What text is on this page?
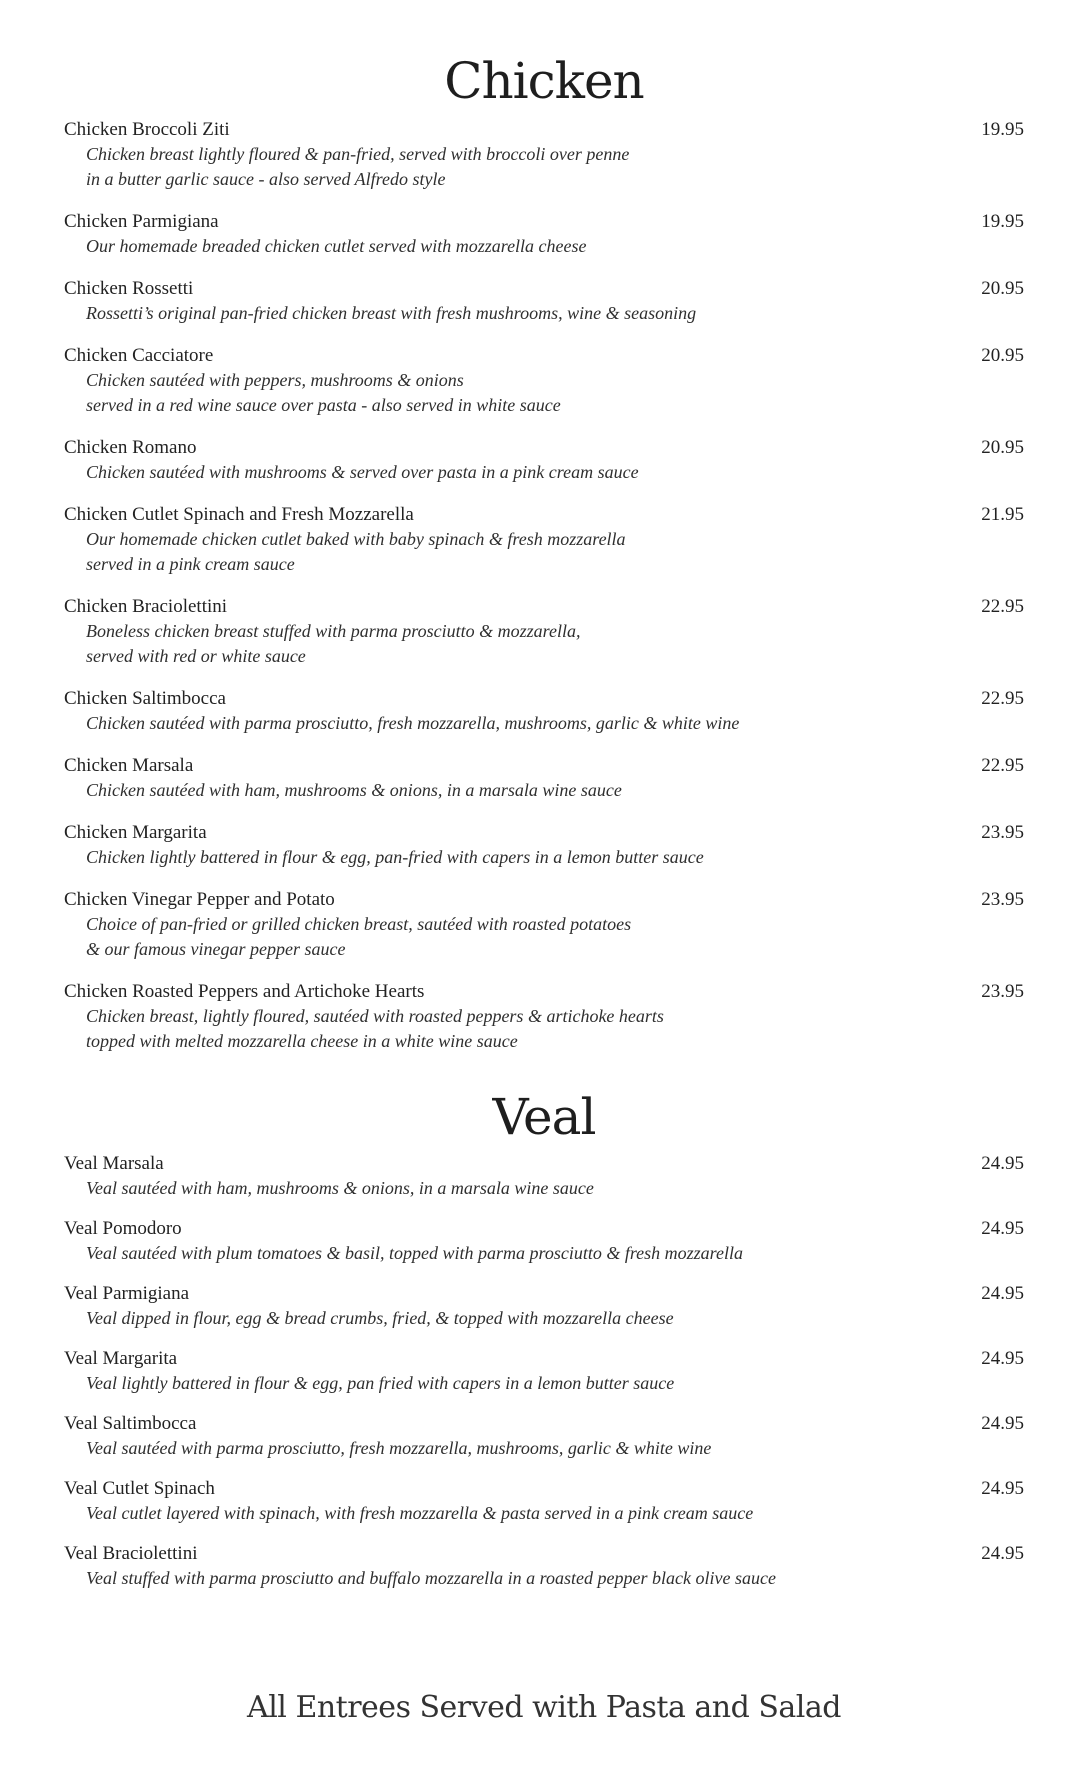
Chicken
Chicken Broccoli Ziti	19.95
Chicken breast lightly floured & pan-fried, served with broccoli over penne
in a butter garlic sauce - also served Alfredo style
Chicken Parmigiana	19.95
Our homemade breaded chicken cutlet served with mozzarella cheese
Chicken Rossetti	20.95
Rossetti’s original pan-fried chicken breast with fresh mushrooms, wine & seasoning
Chicken Cacciatore	20.95
Chicken sautéed with peppers, mushrooms & onions
served in a red wine sauce over pasta - also served in white sauce
Chicken Romano	20.95
Chicken sautéed with mushrooms & served over pasta in a pink cream sauce
Chicken Cutlet Spinach and Fresh Mozzarella	21.95
Our homemade chicken cutlet baked with baby spinach & fresh mozzarella
served in a pink cream sauce
Chicken Braciolettini	22.95
Boneless chicken breast stuffed with parma prosciutto & mozzarella,
served with red or white sauce
Chicken Saltimbocca	22.95
Chicken sautéed with parma prosciutto, fresh mozzarella, mushrooms, garlic & white wine
Chicken Marsala	22.95
Chicken sautéed with ham, mushrooms & onions, in a marsala wine sauce
Chicken Margarita	23.95
Chicken lightly battered in flour & egg, pan-fried with capers in a lemon butter sauce
Chicken Vinegar Pepper and Potato	23.95
Choice of pan-fried or grilled chicken breast, sautéed with roasted potatoes
& our famous vinegar pepper sauce
Chicken Roasted Peppers and Artichoke Hearts	23.95
Chicken breast, lightly floured, sautéed with roasted peppers & artichoke hearts
topped with melted mozzarella cheese in a white wine sauce
Veal
Veal Marsala	24.95
Veal sautéed with ham, mushrooms & onions, in a marsala wine sauce
Veal Pomodoro	24.95
Veal sautéed with plum tomatoes & basil, topped with parma prosciutto & fresh mozzarella
Veal Parmigiana	24.95
Veal dipped in flour, egg & bread crumbs, fried, & topped with mozzarella cheese
Veal Margarita	24.95
Veal lightly battered in flour & egg, pan fried with capers in a lemon butter sauce
Veal Saltimbocca	24.95
Veal sautéed with parma prosciutto, fresh mozzarella, mushrooms, garlic & white wine
Veal Cutlet Spinach	24.95
Veal cutlet layered with spinach, with fresh mozzarella & pasta served in a pink cream sauce
Veal Braciolettini	24.95
Veal stuffed with parma prosciutto and buffalo mozzarella in a roasted pepper black olive sauce
All Entrees Served with Pasta and Salad
